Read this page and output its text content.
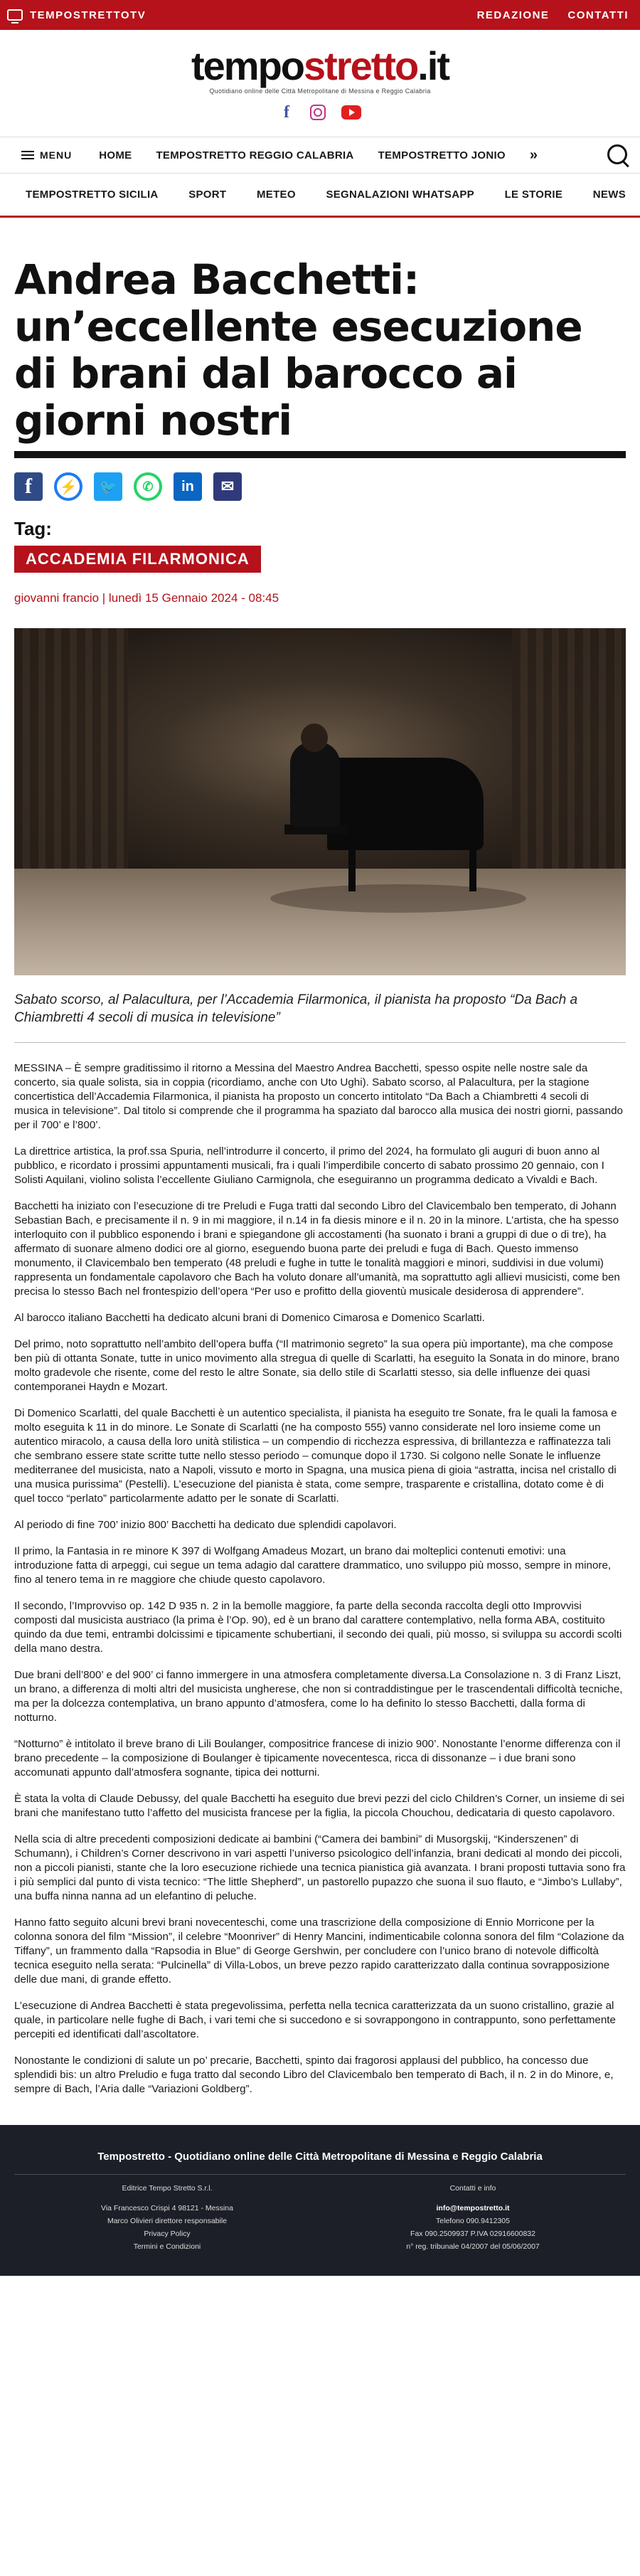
TEMPOSTRETTOTV	REDAZIONE CONTATTI
tempostretto.it
Quotidiano online delle Città Metropolitane di Messina e Reggio Calabria
f
MENU	HOME TEMPOSTRETTO REGGIO CALABRIA TEMPOSTRETTO JONIO »
TEMPOSTRETTO SICILIA	SPORT	METEO	SEGNALAZIONI WHATSAPP	LE STORIE	NEWS
Andrea Bacchetti: un’eccellente esecuzione di brani dal barocco ai giorni nostri
f	⚡	🐦	✆	in	✉
Tag:
ACCADEMIA FILARMONICA
giovanni francio | lunedì 15 Gennaio 2024 - 08:45

Sabato scorso, al Palacultura, per l’Accademia Filarmonica, il pianista ha proposto “Da Bach a Chiambretti 4 secoli di musica in televisione”

MESSINA – È sempre graditissimo il ritorno a Messina del Maestro Andrea Bacchetti, spesso ospite nelle nostre sale da concerto, sia quale solista, sia in coppia (ricordiamo, anche con Uto Ughi). Sabato scorso, al Palacultura, per la stagione concertistica dell’Accademia Filarmonica, il pianista ha proposto un concerto intitolato “Da Bach a Chiambretti 4 secoli di musica in televisione”. Dal titolo si comprende che il programma ha spaziato dal barocco alla musica dei nostri giorni, passando per il 700’ e l’800’.

La direttrice artistica, la prof.ssa Spuria, nell’introdurre il concerto, il primo del 2024, ha formulato gli auguri di buon anno al pubblico, e ricordato i prossimi appuntamenti musicali, fra i quali l’imperdibile concerto di sabato prossimo 20 gennaio, con I Solisti Aquilani, violino solista l’eccellente Giuliano Carmignola, che eseguiranno un programma dedicato a Vivaldi e Bach.

Bacchetti ha iniziato con l’esecuzione di tre Preludi e Fuga tratti dal secondo Libro del Clavicembalo ben temperato, di Johann Sebastian Bach, e precisamente il n. 9 in mi maggiore, il n.14 in fa diesis minore e il n. 20 in la minore. L’artista, che ha spesso interloquito con il pubblico esponendo i brani e spiegandone gli accostamenti (ha suonato i brani a gruppi di due o di tre), ha affermato di suonare almeno dodici ore al giorno, eseguendo buona parte dei preludi e fuga di Bach. Questo immenso monumento, il Clavicembalo ben temperato (48 preludi e fughe in tutte le tonalità maggiori e minori, suddivisi in due volumi) rappresenta un fondamentale capolavoro che Bach ha voluto donare all’umanità, ma soprattutto agli allievi musicisti, come ben precisa lo stesso Bach nel frontespizio dell’opera “Per uso e profitto della gioventù musicale desiderosa di apprendere”.

Al barocco italiano Bacchetti ha dedicato alcuni brani di Domenico Cimarosa e Domenico Scarlatti.

Del primo, noto soprattutto nell’ambito dell’opera buffa (“Il matrimonio segreto” la sua opera più importante), ma che compose ben più di ottanta Sonate, tutte in unico movimento alla stregua di quelle di Scarlatti, ha eseguito la Sonata in do minore, brano molto gradevole che risente, come del resto le altre Sonate, sia dello stile di Scarlatti stesso, sia delle influenze dei quasi contemporanei Haydn e Mozart.

Di Domenico Scarlatti, del quale Bacchetti è un autentico specialista, il pianista ha eseguito tre Sonate, fra le quali la famosa e molto eseguita k 11 in do minore. Le Sonate di Scarlatti (ne ha composto 555) vanno considerate nel loro insieme come un autentico miracolo, a causa della loro unità stilistica – un compendio di ricchezza espressiva, di brillantezza e raffinatezza tali che sembrano essere state scritte tutte nello stesso periodo – comunque dopo il 1730. Si colgono nelle Sonate le influenze mediterranee del musicista, nato a Napoli, vissuto e morto in Spagna, una musica piena di gioia “astratta, incisa nel cristallo di una musica purissima” (Pestelli). L’esecuzione del pianista è stata, come sempre, trasparente e cristallina, dotato come è di quel tocco “perlato” particolarmente adatto per le sonate di Scarlatti.

Al periodo di fine 700’ inizio 800’ Bacchetti ha dedicato due splendidi capolavori.

Il primo, la Fantasia in re minore K 397 di Wolfgang Amadeus Mozart, un brano dai molteplici contenuti emotivi: una introduzione fatta di arpeggi, cui segue un tema adagio dal carattere drammatico, uno sviluppo più mosso, sempre in minore, fino al tenero tema in re maggiore che chiude questo capolavoro.

Il secondo, l’Improvviso op. 142 D 935 n. 2 in la bemolle maggiore, fa parte della seconda raccolta degli otto Improvvisi composti dal musicista austriaco (la prima è l’Op. 90), ed è un brano dal carattere contemplativo, nella forma ABA, costituito quindo da due temi, entrambi dolcissimi e tipicamente schubertiani, il secondo dei quali, più mosso, si sviluppa su accordi scolti della mano destra.

Due brani dell’800’ e del 900’ ci fanno immergere in una atmosfera completamente diversa.La Consolazione n. 3 di Franz Liszt, un brano, a differenza di molti altri del musicista ungherese, che non si contraddistingue per le trascendentali difficoltà tecniche, ma per la dolcezza contemplativa, un brano appunto d’atmosfera, come lo ha definito lo stesso Bacchetti, dalla forma di notturno.

“Notturno” è intitolato il breve brano di Lili Boulanger, compositrice francese di inizio 900’. Nonostante l’enorme differenza con il brano precedente – la composizione di Boulanger è tipicamente novecentesca, ricca di dissonanze – i due brani sono accomunati appunto dall’atmosfera sognante, tipica dei notturni.

È stata la volta di Claude Debussy, del quale Bacchetti ha eseguito due brevi pezzi del ciclo Children’s Corner, un insieme di sei brani che manifestano tutto l’affetto del musicista francese per la figlia, la piccola Chouchou, dedicataria di questo capolavoro.

Nella scia di altre precedenti composizioni dedicate ai bambini (“Camera dei bambini” di Musorgskij, “Kinderszenen” di Schumann), i Children’s Corner descrivono in vari aspetti l’universo psicologico dell’infanzia, brani dedicati al mondo dei piccoli, non a piccoli pianisti, stante che la loro esecuzione richiede una tecnica pianistica già avanzata. I brani proposti tuttavia sono fra i più semplici dal punto di vista tecnico: “The little Shepherd”, un pastorello pupazzo che suona il suo flauto, e “Jimbo’s Lullaby”, una buffa ninna nanna ad un elefantino di peluche.

Hanno fatto seguito alcuni brevi brani novecenteschi, come una trascrizione della composizione di Ennio Morricone per la colonna sonora del film “Mission”, il celebre “Moonriver” di Henry Mancini, indimenticabile colonna sonora del film “Colazione da Tiffany”, un frammento dalla “Rapsodia in Blue” di George Gershwin, per concludere con l’unico brano di notevole difficoltà tecnica eseguito nella serata: “Pulcinella” di Villa-Lobos, un breve pezzo rapido caratterizzato dalla continua sovrapposizione delle due mani, di grande effetto.

L’esecuzione di Andrea Bacchetti è stata pregevolissima, perfetta nella tecnica caratterizzata da un suono cristallino, grazie al quale, in particolare nelle fughe di Bach, i vari temi che si succedono e si sovrappongono in contrappunto, sono perfettamente percepiti ed identificati dall’ascoltatore.

Nonostante le condizioni di salute un po’ precarie, Bacchetti, spinto dai fragorosi applausi del pubblico, ha concesso due splendidi bis: un altro Preludio e fuga tratto dal secondo Libro del Clavicembalo ben temperato di Bach, il n. 2 in do Minore, e, sempre di Bach, l’Aria dalle “Variazioni Goldberg”.

Tempostretto - Quotidiano online delle Città Metropolitane di Messina e Reggio Calabria
Editrice Tempo Stretto S.r.l.
Via Francesco Crispi 4 98121 - Messina
Marco Olivieri direttore responsabile
Privacy Policy
Termini e Condizioni
Contatti e info
info@tempostretto.it
Telefono 090.9412305
Fax 090.2509937 P.IVA 02916600832
n° reg. tribunale 04/2007 del 05/06/2007
